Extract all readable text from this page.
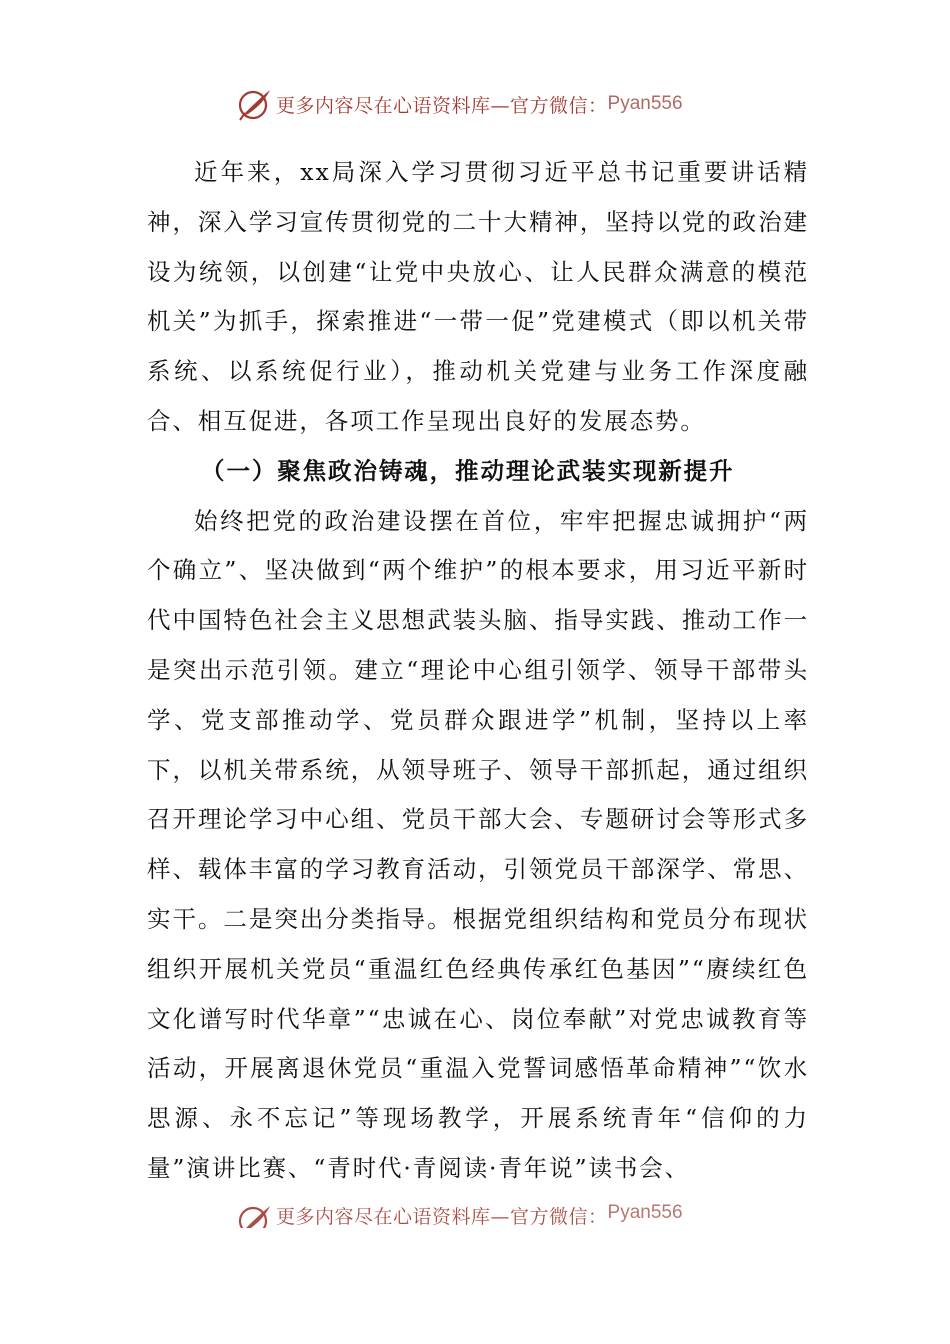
更多内容尽在心语资料库—官方微信： Pyan556

近年来，xx局深入学习贯彻习近平总书记重要讲话精神，深入学习宣传贯彻党的二十大精神，坚持以党的政治建设为统领，以创建“让党中央放心、让人民群众满意的模范机关”为抓手，探索推进“一带一促”党建模式（即以机关带系统、以系统促行业），推动机关党建与业务工作深度融合、相互促进，各项工作呈现出良好的发展态势。

（一）聚焦政治铸魂，推动理论武装实现新提升

始终把党的政治建设摆在首位，牢牢把握忠诚拥护“两个确立”、坚决做到“两个维护”的根本要求，用习近平新时代中国特色社会主义思想武装头脑、指导实践、推动工作一是突出示范引领。建立“理论中心组引领学、领导干部带头学、党支部推动学、党员群众跟进学”机制，坚持以上率下，以机关带系统，从领导班子、领导干部抓起，通过组织召开理论学习中心组、党员干部大会、专题研讨会等形式多样、载体丰富的学习教育活动，引领党员干部深学、常思、实干。二是突出分类指导。根据党组织结构和党员分布现状组织开展机关党员“重温红色经典传承红色基因”“赓续红色文化谱写时代华章”“忠诚在心、岗位奉献”对党忠诚教育等活动，开展离退休党员“重温入党誓词感悟革命精神”“饮水思源、永不忘记”等现场教学，开展系统青年“信仰的力量”演讲比赛、“青时代·青阅读·青年说”读书会、

更多内容尽在心语资料库—官方微信： Pyan556
